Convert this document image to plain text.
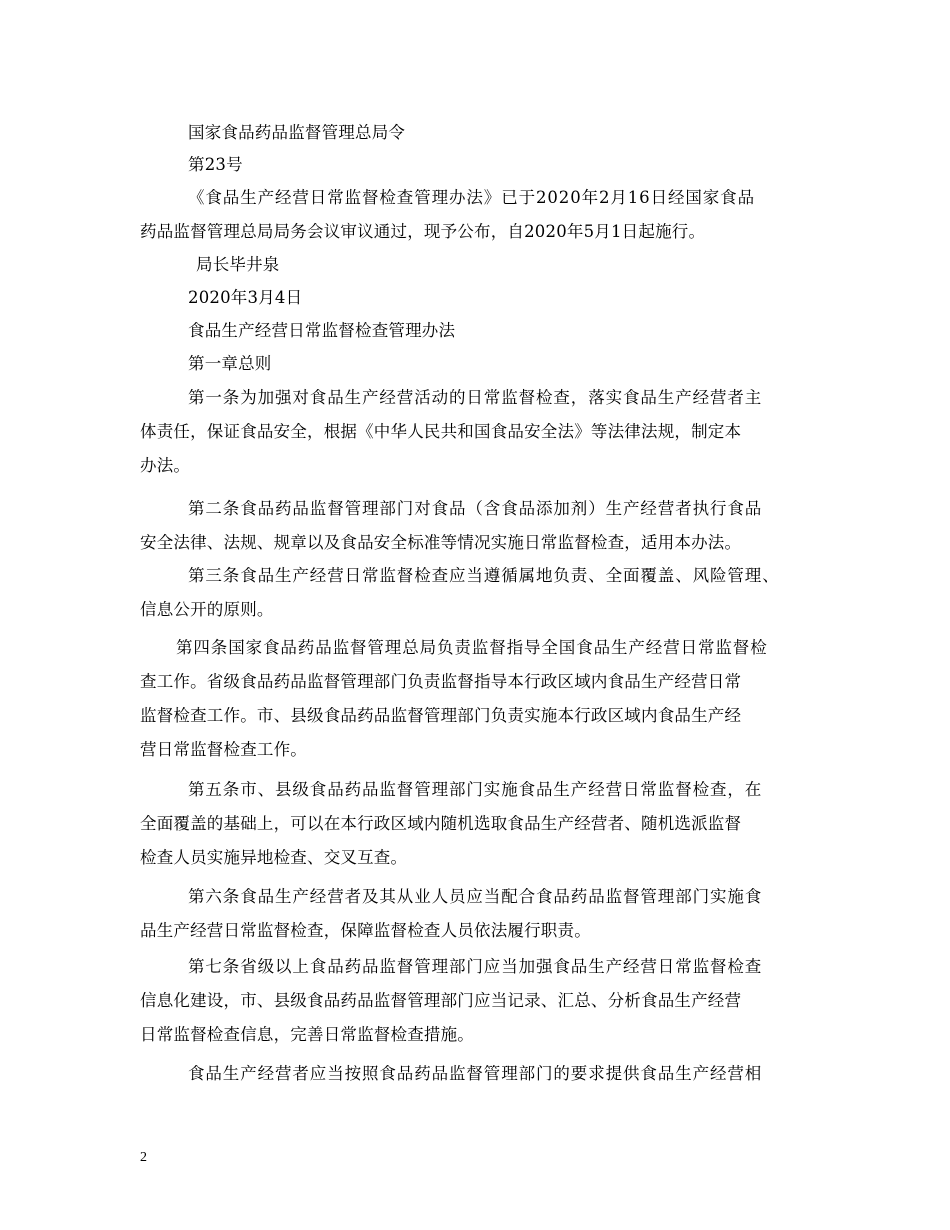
国家食品药品监督管理总局令
第23号
《食品生产经营日常监督检查管理办法》已于2020年2月16日经国家食品
药品监督管理总局局务会议审议通过，现予公布，自2020年5月1日起施行。
局长毕井泉
2020年3月4日
食品生产经营日常监督检查管理办法
第一章总则
第一条为加强对食品生产经营活动的日常监督检查，落实食品生产经营者主
体责任，保证食品安全，根据《中华人民共和国食品安全法》等法律法规，制定本
办法。
第二条食品药品监督管理部门对食品（含食品添加剂）生产经营者执行食品
安全法律、法规、规章以及食品安全标准等情况实施日常监督检查，适用本办法。
第三条食品生产经营日常监督检查应当遵循属地负责、全面覆盖、风险管理、
信息公开的原则。
第四条国家食品药品监督管理总局负责监督指导全国食品生产经营日常监督检
查工作。省级食品药品监督管理部门负责监督指导本行政区域内食品生产经营日常
监督检查工作。市、县级食品药品监督管理部门负责实施本行政区域内食品生产经
营日常监督检查工作。
第五条市、县级食品药品监督管理部门实施食品生产经营日常监督检查，在
全面覆盖的基础上，可以在本行政区域内随机选取食品生产经营者、随机选派监督
检查人员实施异地检查、交叉互查。
第六条食品生产经营者及其从业人员应当配合食品药品监督管理部门实施食
品生产经营日常监督检查，保障监督检查人员依法履行职责。
第七条省级以上食品药品监督管理部门应当加强食品生产经营日常监督检查
信息化建设，市、县级食品药品监督管理部门应当记录、汇总、分析食品生产经营
日常监督检查信息，完善日常监督检查措施。
食品生产经营者应当按照食品药品监督管理部门的要求提供食品生产经营相
2
